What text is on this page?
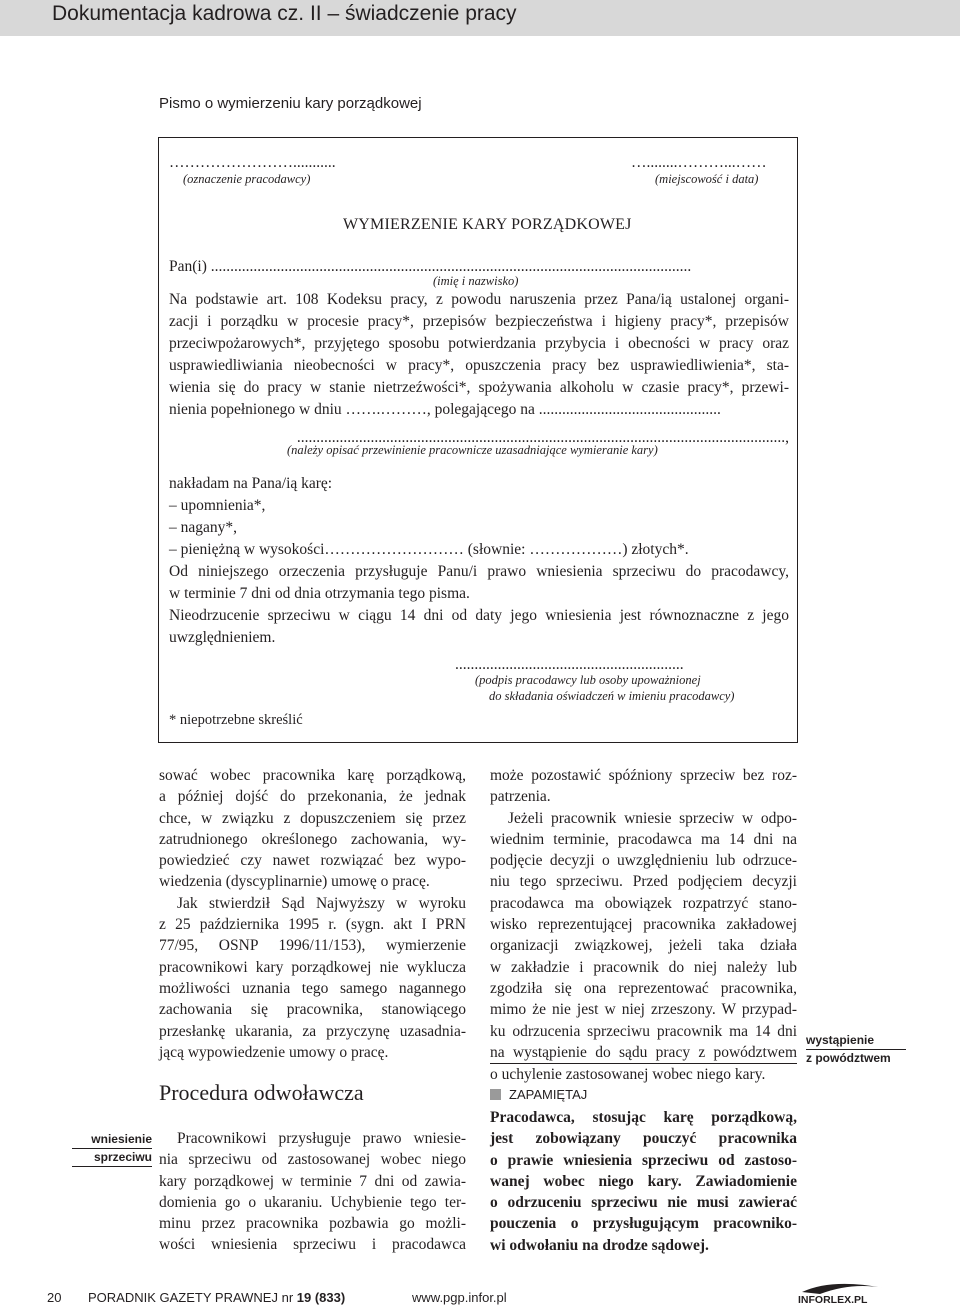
Dokumentacja kadrowa cz. II – świadczenie pracy
Pismo o wymierzeniu kary porządkowej
……………………...........
(oznaczenie pracodawcy)
…........………...……
(miejscowość i data)
WYMIERZENIE KARY PORZĄDKOWEJ
Pan(i) ............................................................................................................................
(imię i nazwisko)
Na podstawie art. 108 Kodeksu pracy, z powodu naruszenia przez Pana/ią ustalonej organi-
zacji i porządku w procesie pracy*, przepisów bezpieczeństwa i higieny pracy*, przepisów
przeciwpożarowych*, przyjętego sposobu potwierdzania przybycia i obecności w pracy oraz
usprawiedliwiania nieobecności w pracy*, opuszczenia pracy bez usprawiedliwienia*, sta-
wienia się do pracy w stanie nietrzeźwości*, spożywania alkoholu w czasie pracy*, przewi-
nienia popełnionego w dniu …….………, polegającego na ...............................................
..............................................................................................................................,
(należy opisać przewinienie pracownicze uzasadniające wymieranie kary)
nakładam na Pana/ią karę:
– upomnienia*,
– nagany*,
– pieniężną w wysokości……………………… (słownie: ………………) złotych*.
Od niniejszego orzeczenia przysługuje Panu/i prawo wniesienia sprzeciwu do pracodawcy,
w terminie 7 dni od dnia otrzymania tego pisma.
Nieodrzucenie sprzeciwu w ciągu 14 dni od daty jego wniesienia jest równoznaczne z jego
uwzględnieniem.
...........................................................
(podpis pracodawcy lub osoby upoważnionej
do składania oświadczeń w imieniu pracodawcy)
* niepotrzebne skreślić
sować wobec pracownika karę porządkową,
a później dojść do przekonania, że jednak
chce, w związku z dopuszczeniem się przez
zatrudnionego określonego zachowania, wy-
powiedzieć czy nawet rozwiązać bez wypo-
wiedzenia (dyscyplinarnie) umowę o pracę.
Jak stwierdził Sąd Najwyższy w wyroku
z 25 października 1995 r. (sygn. akt I PRN
77/95, OSNP 1996/11/153), wymierzenie
pracownikowi kary porządkowej nie wyklucza
możliwości uznania tego samego nagannego
zachowania się pracownika, stanowiącego
przesłankę ukarania, za przyczynę uzasadnia-
jącą wypowiedzenie umowy o pracę.
Procedura odwoławcza
Pracownikowi przysługuje prawo wniesie-
nia sprzeciwu od zastosowanej wobec niego
kary porządkowej w terminie 7 dni od zawia-
domienia go o ukaraniu. Uchybienie tego ter-
minu przez pracownika pozbawia go możli-
wości wniesienia sprzeciwu i pracodawca
wniesienie
sprzeciwu
może pozostawić spóźniony sprzeciw bez roz-
patrzenia.
Jeżeli pracownik wniesie sprzeciw w odpo-
wiednim terminie, pracodawca ma 14 dni na
podjęcie decyzji o uwzględnieniu lub odrzuce-
niu tego sprzeciwu. Przed podjęciem decyzji
pracodawca ma obowiązek rozpatrzyć stano-
wisko reprezentującej pracownika zakładowej
organizacji związkowej, jeżeli taka działa
w zakładzie i pracownik do niej należy lub
zgodziła się ona reprezentować pracownika,
mimo że nie jest w niej zrzeszony. W przypad-
ku odrzucenia sprzeciwu pracownik ma 14 dni
na wystąpienie do sądu pracy z powództwem
o uchylenie zastosowanej wobec niego kary.
wystąpienie
z powództwem
ZAPAMIĘTAJ
Pracodawca, stosując karę porządkową,
jest zobowiązany pouczyć pracownika
o prawie wniesienia sprzeciwu od zastoso-
wanej wobec niego kary. Zawiadomienie
o odrzuceniu sprzeciwu nie musi zawierać
pouczenia o przysługującym pracowniko-
wi odwołaniu na drodze sądowej.
20 PORADNIK GAZETY PRAWNEJ nr 19 (833)	www.pgp.infor.pl	INFORLEX.PL
